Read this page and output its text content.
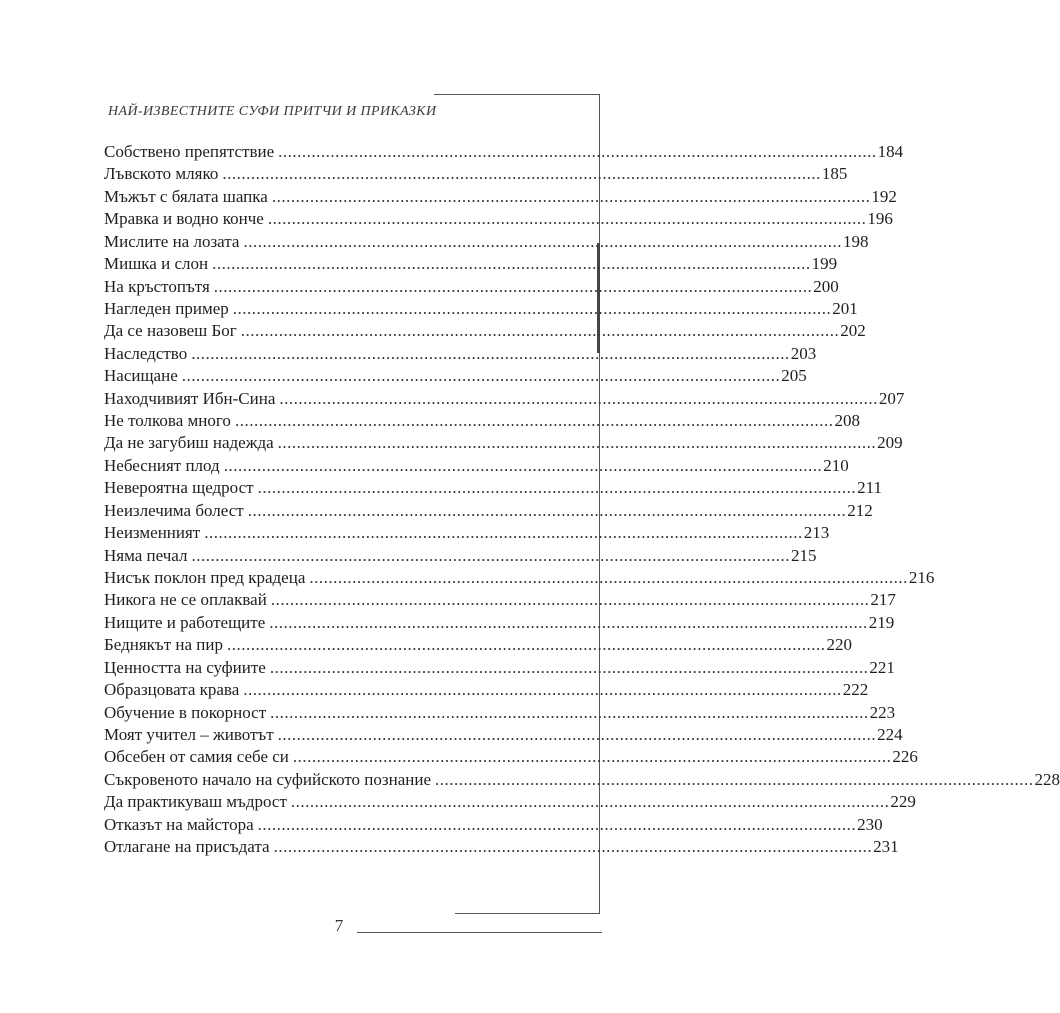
НАЙ-ИЗВЕСТНИТЕ СУФИ ПРИТЧИ И ПРИКАЗКИ
Собствено препятствие .............................................................................................................................. 184
Лъвското мляко .............................................................................................................................. 185
Мъжът с бялата шапка .............................................................................................................................. 192
Мравка и водно конче .............................................................................................................................. 196
Мислите на лозата .............................................................................................................................. 198
Мишка и слон .............................................................................................................................. 199
На кръстопътя .............................................................................................................................. 200
Нагледен пример .............................................................................................................................. 201
Да се назовеш Бог .............................................................................................................................. 202
Наследство .............................................................................................................................. 203
Насищане .............................................................................................................................. 205
Находчивият Ибн-Сина .............................................................................................................................. 207
Не толкова много .............................................................................................................................. 208
Да не загубиш надежда .............................................................................................................................. 209
Небесният плод .............................................................................................................................. 210
Невероятна щедрост .............................................................................................................................. 211
Неизлечима болест .............................................................................................................................. 212
Неизменният .............................................................................................................................. 213
Няма печал .............................................................................................................................. 215
Нисък поклон пред крадеца .............................................................................................................................. 216
Никога не се оплаквай .............................................................................................................................. 217
Нищите и работещите .............................................................................................................................. 219
Беднякът на пир .............................................................................................................................. 220
Ценността на суфиите .............................................................................................................................. 221
Образцовата крава .............................................................................................................................. 222
Обучение в покорност .............................................................................................................................. 223
Моят учител – животът .............................................................................................................................. 224
Обсебен от самия себе си .............................................................................................................................. 226
Съкровеното начало на суфийското познание .............................................................................................................................. 228
Да практикуваш мъдрост .............................................................................................................................. 229
Отказът на майстора .............................................................................................................................. 230
Отлагане на присъдата .............................................................................................................................. 231
7
